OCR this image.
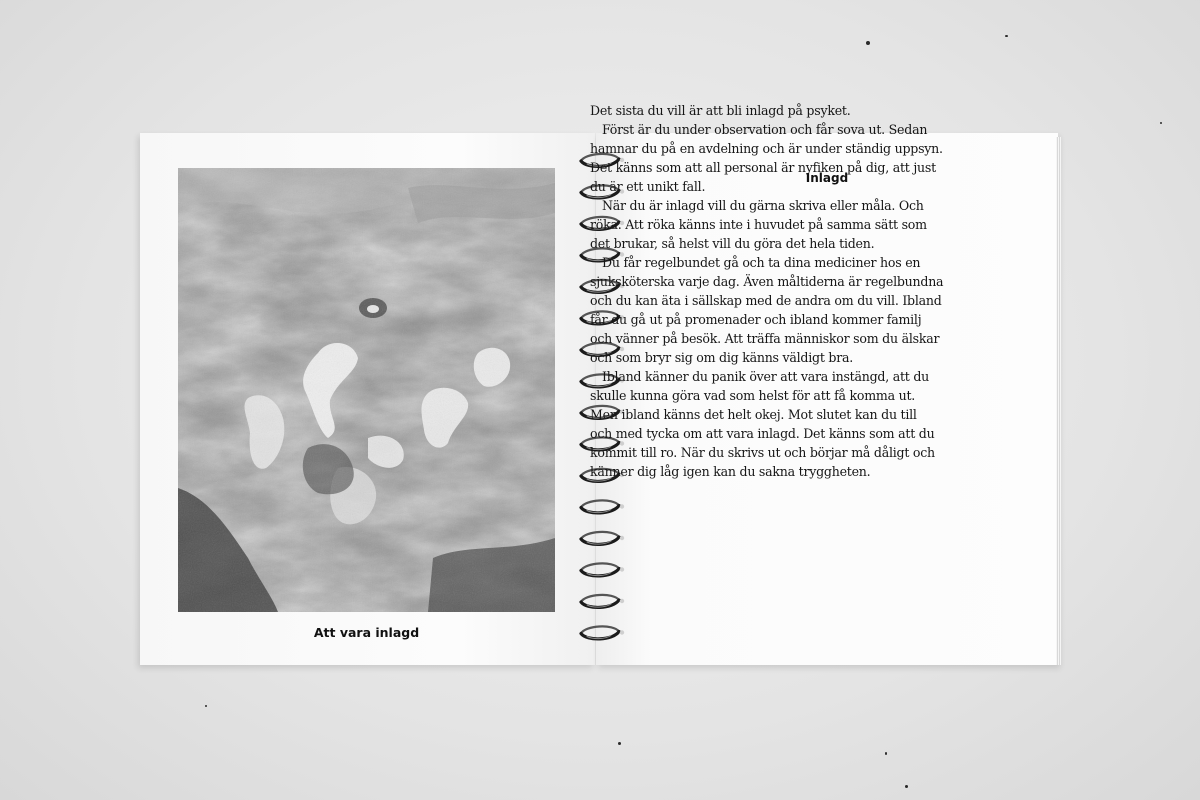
Att vara inlagd
Inlagd
Det sista du vill är att bli inlagd på psyket.
Först är du under observation och får sova ut. Sedan
hamnar du på en avdelning och är under ständig uppsyn.
Det känns som att all personal är nyfiken på dig, att just
du är ett unikt fall.
När du är inlagd vill du gärna skriva eller måla. Och
röka. Att röka känns inte i huvudet på samma sätt som
det brukar, så helst vill du göra det hela tiden.
Du får regelbundet gå och ta dina mediciner hos en
sjuksköterska varje dag. Även måltiderna är regelbundna
och du kan äta i sällskap med de andra om du vill. Ibland
får du gå ut på promenader och ibland kommer familj
och vänner på besök. Att träffa människor som du älskar
och som bryr sig om dig känns väldigt bra.
Ibland känner du panik över att vara instängd, att du
skulle kunna göra vad som helst för att få komma ut.
Men ibland känns det helt okej. Mot slutet kan du till
och med tycka om att vara inlagd. Det känns som att du
kommit till ro. När du skrivs ut och börjar må dåligt och
känner dig låg igen kan du sakna tryggheten.
